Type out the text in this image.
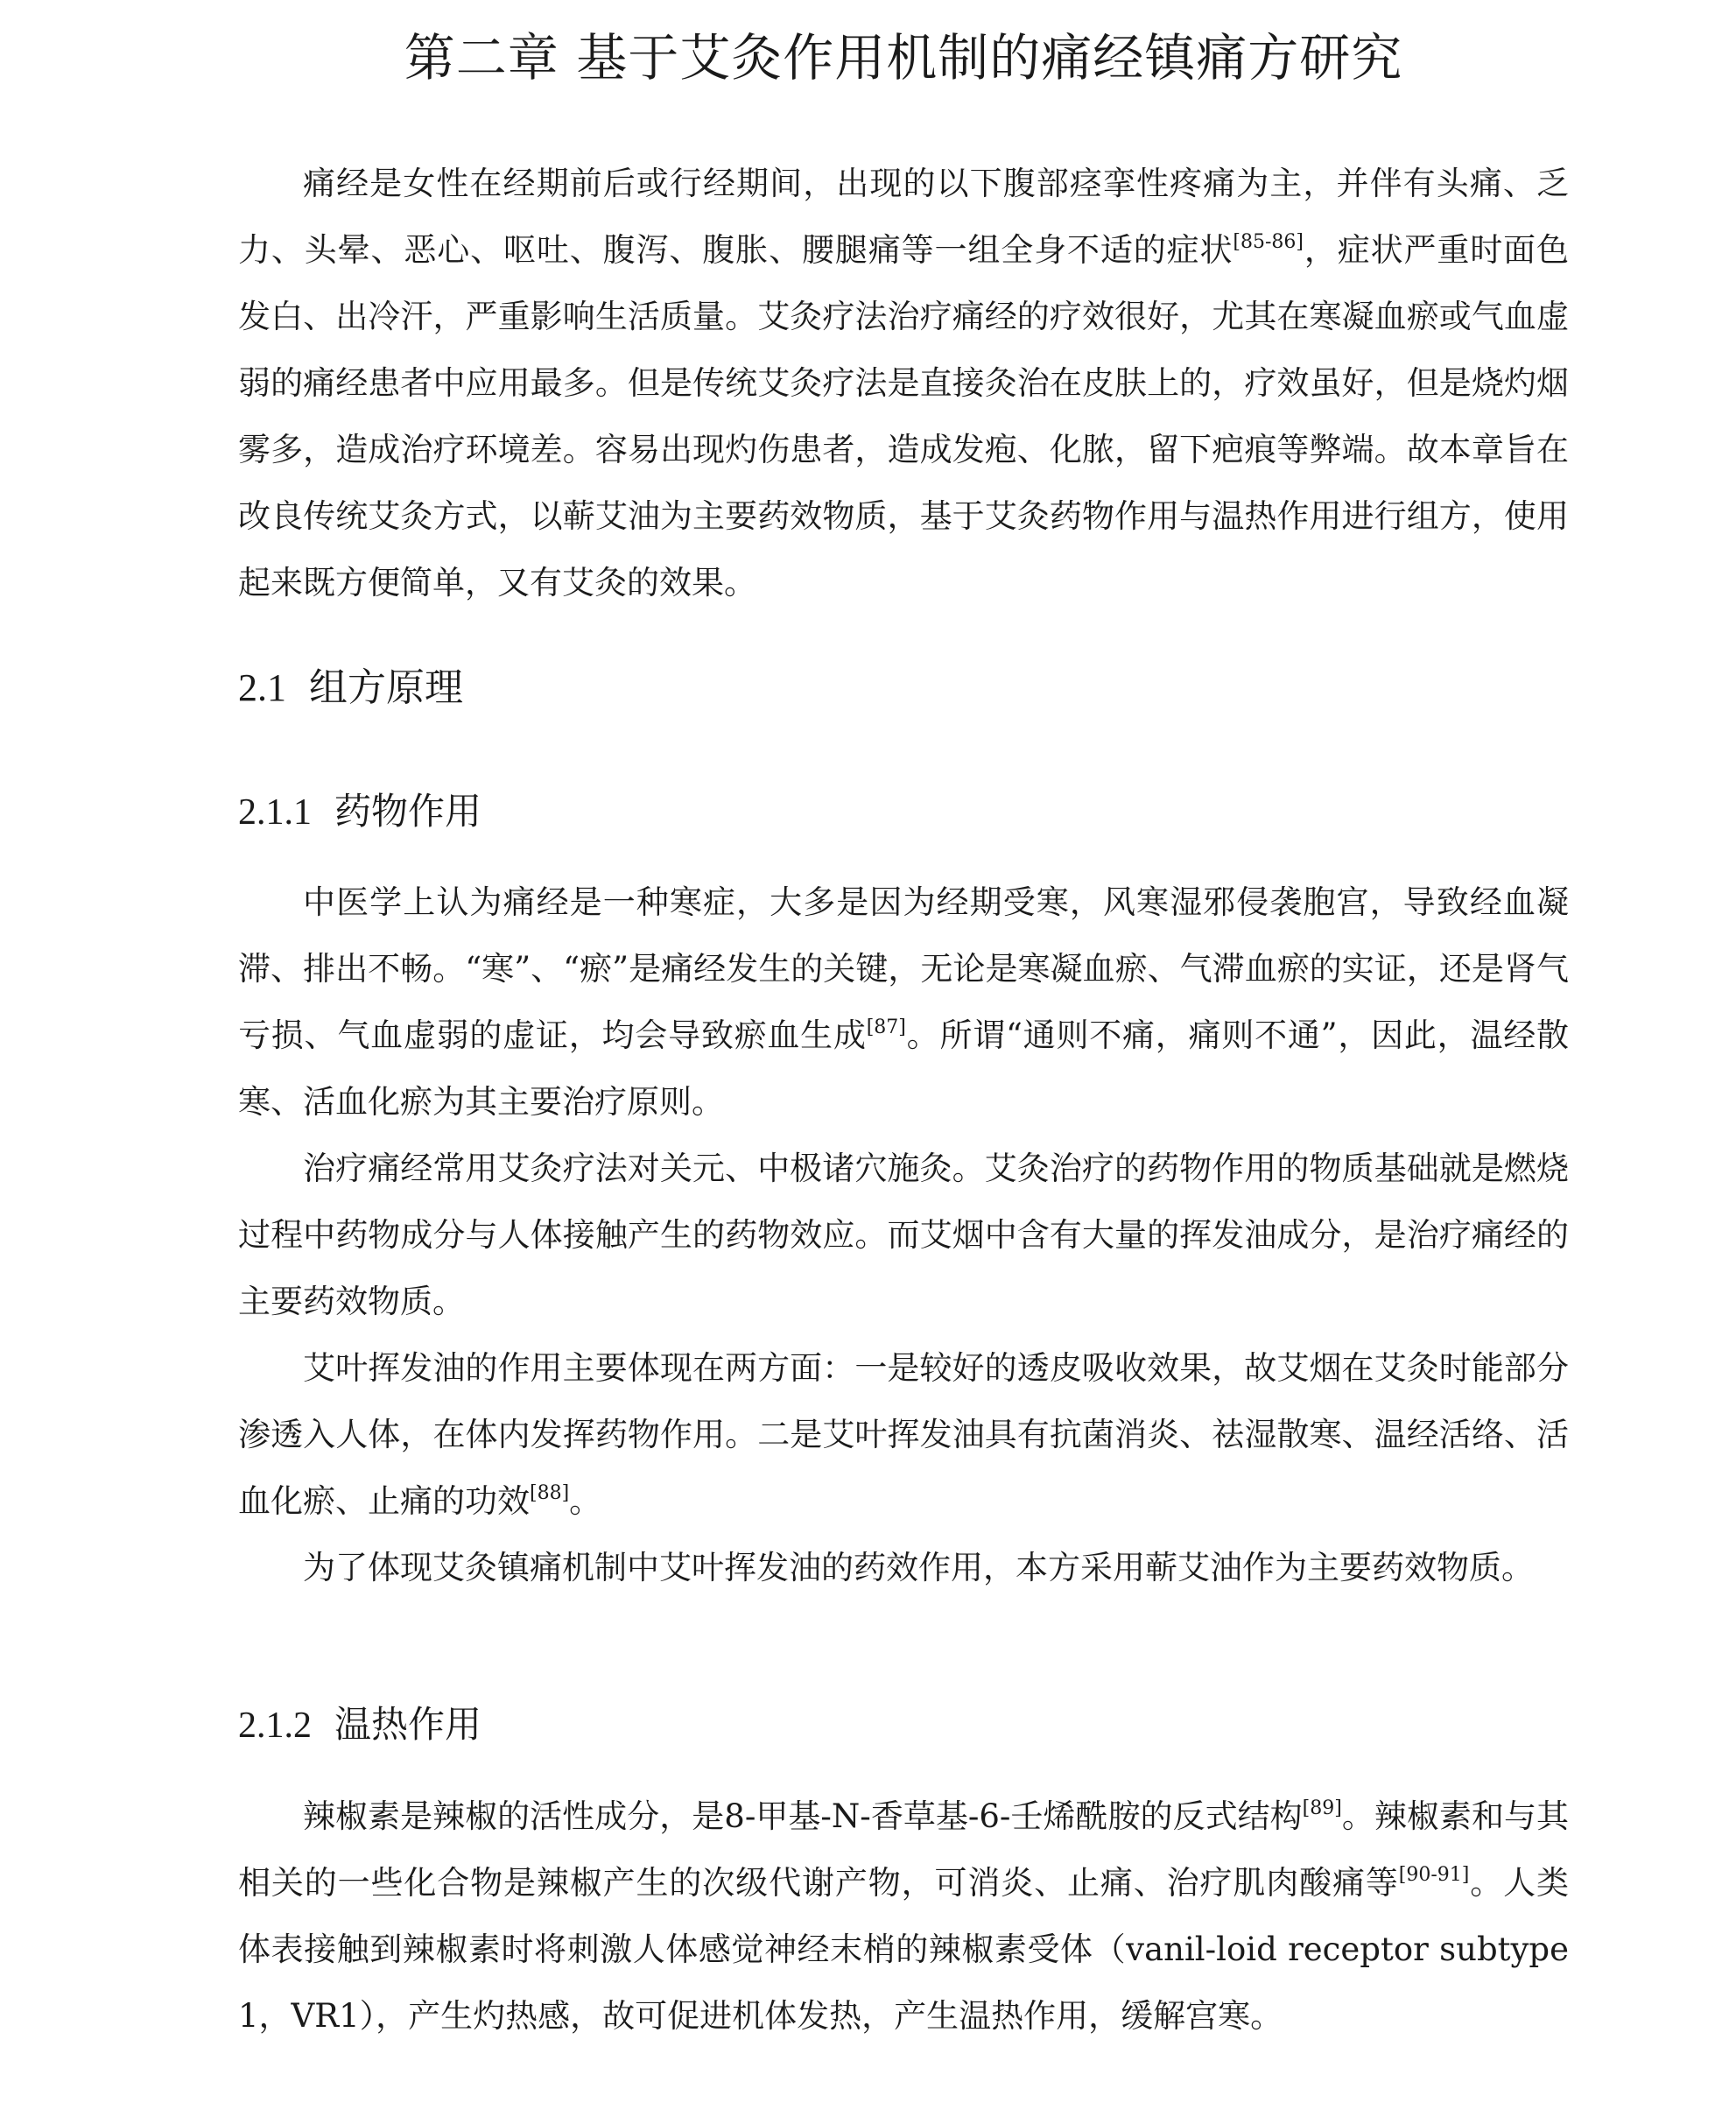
第二章 基于艾灸作用机制的痛经镇痛方研究

痛经是女性在经期前后或行经期间，出现的以下腹部痉挛性疼痛为主，并伴有头痛、乏力、头晕、恶心、呕吐、腹泻、腹胀、腰腿痛等一组全身不适的症状[85-86]，症状严重时面色发白、出冷汗，严重影响生活质量。艾灸疗法治疗痛经的疗效很好，尤其在寒凝血瘀或气血虚弱的痛经患者中应用最多。但是传统艾灸疗法是直接灸治在皮肤上的，疗效虽好，但是烧灼烟雾多，造成治疗环境差。容易出现灼伤患者，造成发疱、化脓，留下疤痕等弊端。故本章旨在改良传统艾灸方式，以蕲艾油为主要药效物质，基于艾灸药物作用与温热作用进行组方，使用起来既方便简单，又有艾灸的效果。

2.1 组方原理
2.1.1 药物作用

中医学上认为痛经是一种寒症，大多是因为经期受寒，风寒湿邪侵袭胞宫，导致经血凝滞、排出不畅。“寒”、“瘀”是痛经发生的关键，无论是寒凝血瘀、气滞血瘀的实证，还是肾气亏损、气血虚弱的虚证，均会导致瘀血生成[87]。所谓“通则不痛，痛则不通”，因此，温经散寒、活血化瘀为其主要治疗原则。

治疗痛经常用艾灸疗法对关元、中极诸穴施灸。艾灸治疗的药物作用的物质基础就是燃烧过程中药物成分与人体接触产生的药物效应。而艾烟中含有大量的挥发油成分，是治疗痛经的主要药效物质。

艾叶挥发油的作用主要体现在两方面：一是较好的透皮吸收效果，故艾烟在艾灸时能部分渗透入人体，在体内发挥药物作用。二是艾叶挥发油具有抗菌消炎、祛湿散寒、温经活络、活血化瘀、止痛的功效[88]。

为了体现艾灸镇痛机制中艾叶挥发油的药效作用，本方采用蕲艾油作为主要药效物质。

2.1.2 温热作用

辣椒素是辣椒的活性成分，是8-甲基-N-香草基-6-壬烯酰胺的反式结构[89]。辣椒素和与其相关的一些化合物是辣椒产生的次级代谢产物，可消炎、止痛、治疗肌肉酸痛等[90-91]。人类体表接触到辣椒素时将刺激人体感觉神经末梢的辣椒素受体（vanil-loid receptor subtype 1，VR1），产生灼热感，故可促进机体发热，产生温热作用，缓解宫寒。
